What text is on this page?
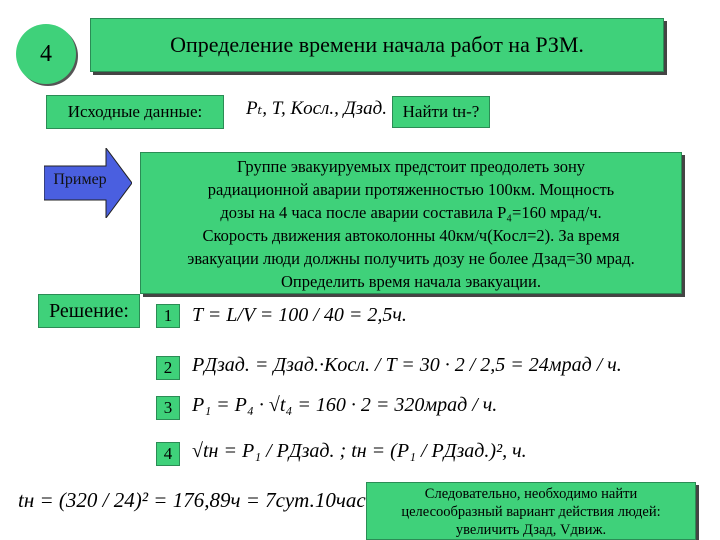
4	Определение времени начала работ на РЗМ.
Исходные данные:	Pₜ, T, Kосл., Дзад. Найти tн-?
Пример
Группе эвакуируемых предстоит преодолеть зону
радиационной аварии протяженностью 100км. Мощность
дозы на 4 часа после аварии составила Р₄=160 мрад/ч.
Скорость движения автоколонны 40км/ч(Косл=2). За время
эвакуации люди должны получить дозу не более Дзад=30 мрад.
Определить время начала эвакуации.
Решение:	1 T = L/V = 100 / 40 = 2,5ч.
2 PДзад. = Дзад.·Kосл. / T = 30 · 2 / 2,5 = 24мрад / ч.
3 P₁ = P₄ · √t₄ = 160 · 2 = 320мрад / ч.
4 √tн = P₁ / PДзад. ; tн = (P₁ / PДзад.)², ч.
tн = (320 / 24)² = 176,89ч = 7сут.10час	Следовательно, необходимо найти
целесообразный вариант действия людей:
увеличить Дзад, Vдвиж.
